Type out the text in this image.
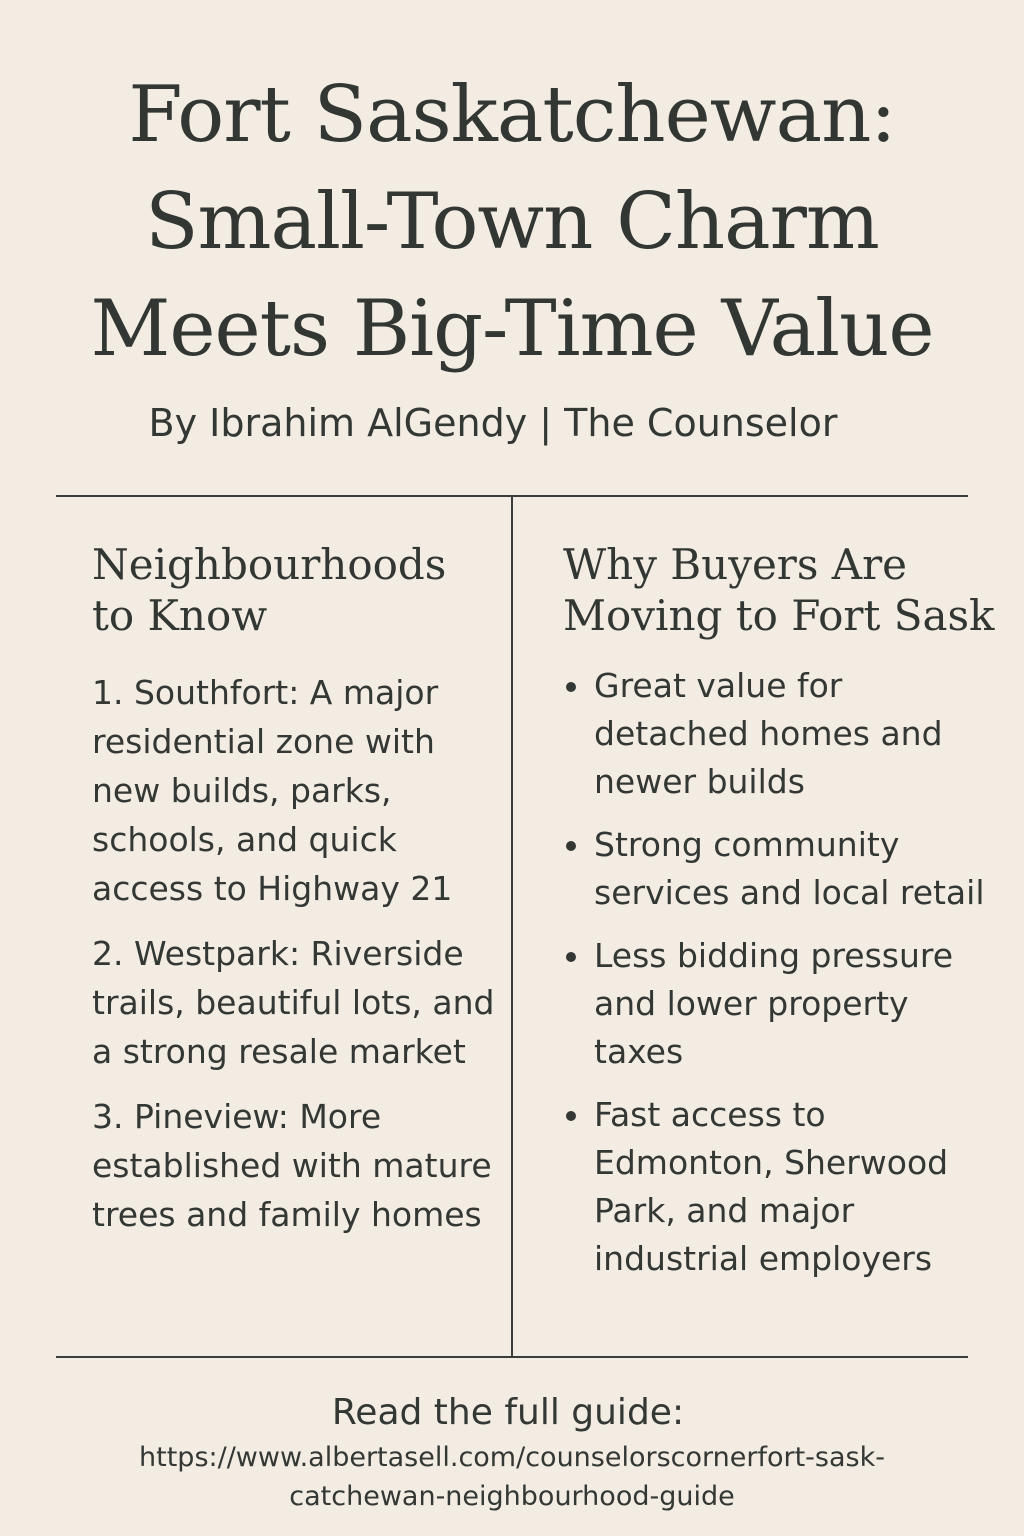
Fort Saskatchewan:
Small-Town Charm
Meets Big-Time Value
By Ibrahim AlGendy | The Counselor
Neighbourhoods
to Know
1. Southfort: A major residential zone with new builds, parks, schools, and quick access to Highway 21
2. Westpark: Riverside trails, beautiful lots, and a strong resale market
3. Pineview: More established with mature trees and family homes
Why Buyers Are
Moving to Fort Sask
Great value for detached homes and newer builds
Strong community services and local retail
Less bidding pressure and lower property taxes
Fast access to Edmonton, Sherwood Park, and major industrial employers
Read the full guide:
https://www.albertasell.com/counselorscornerfort-sask-
catchewan-neighbourhood-guide
